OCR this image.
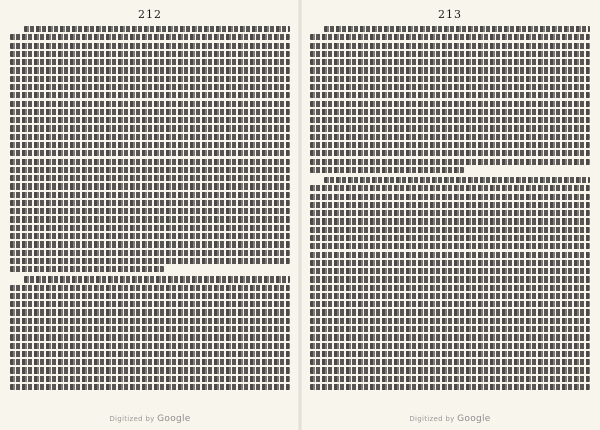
212
Digitized by Google
213
Digitized by Google
